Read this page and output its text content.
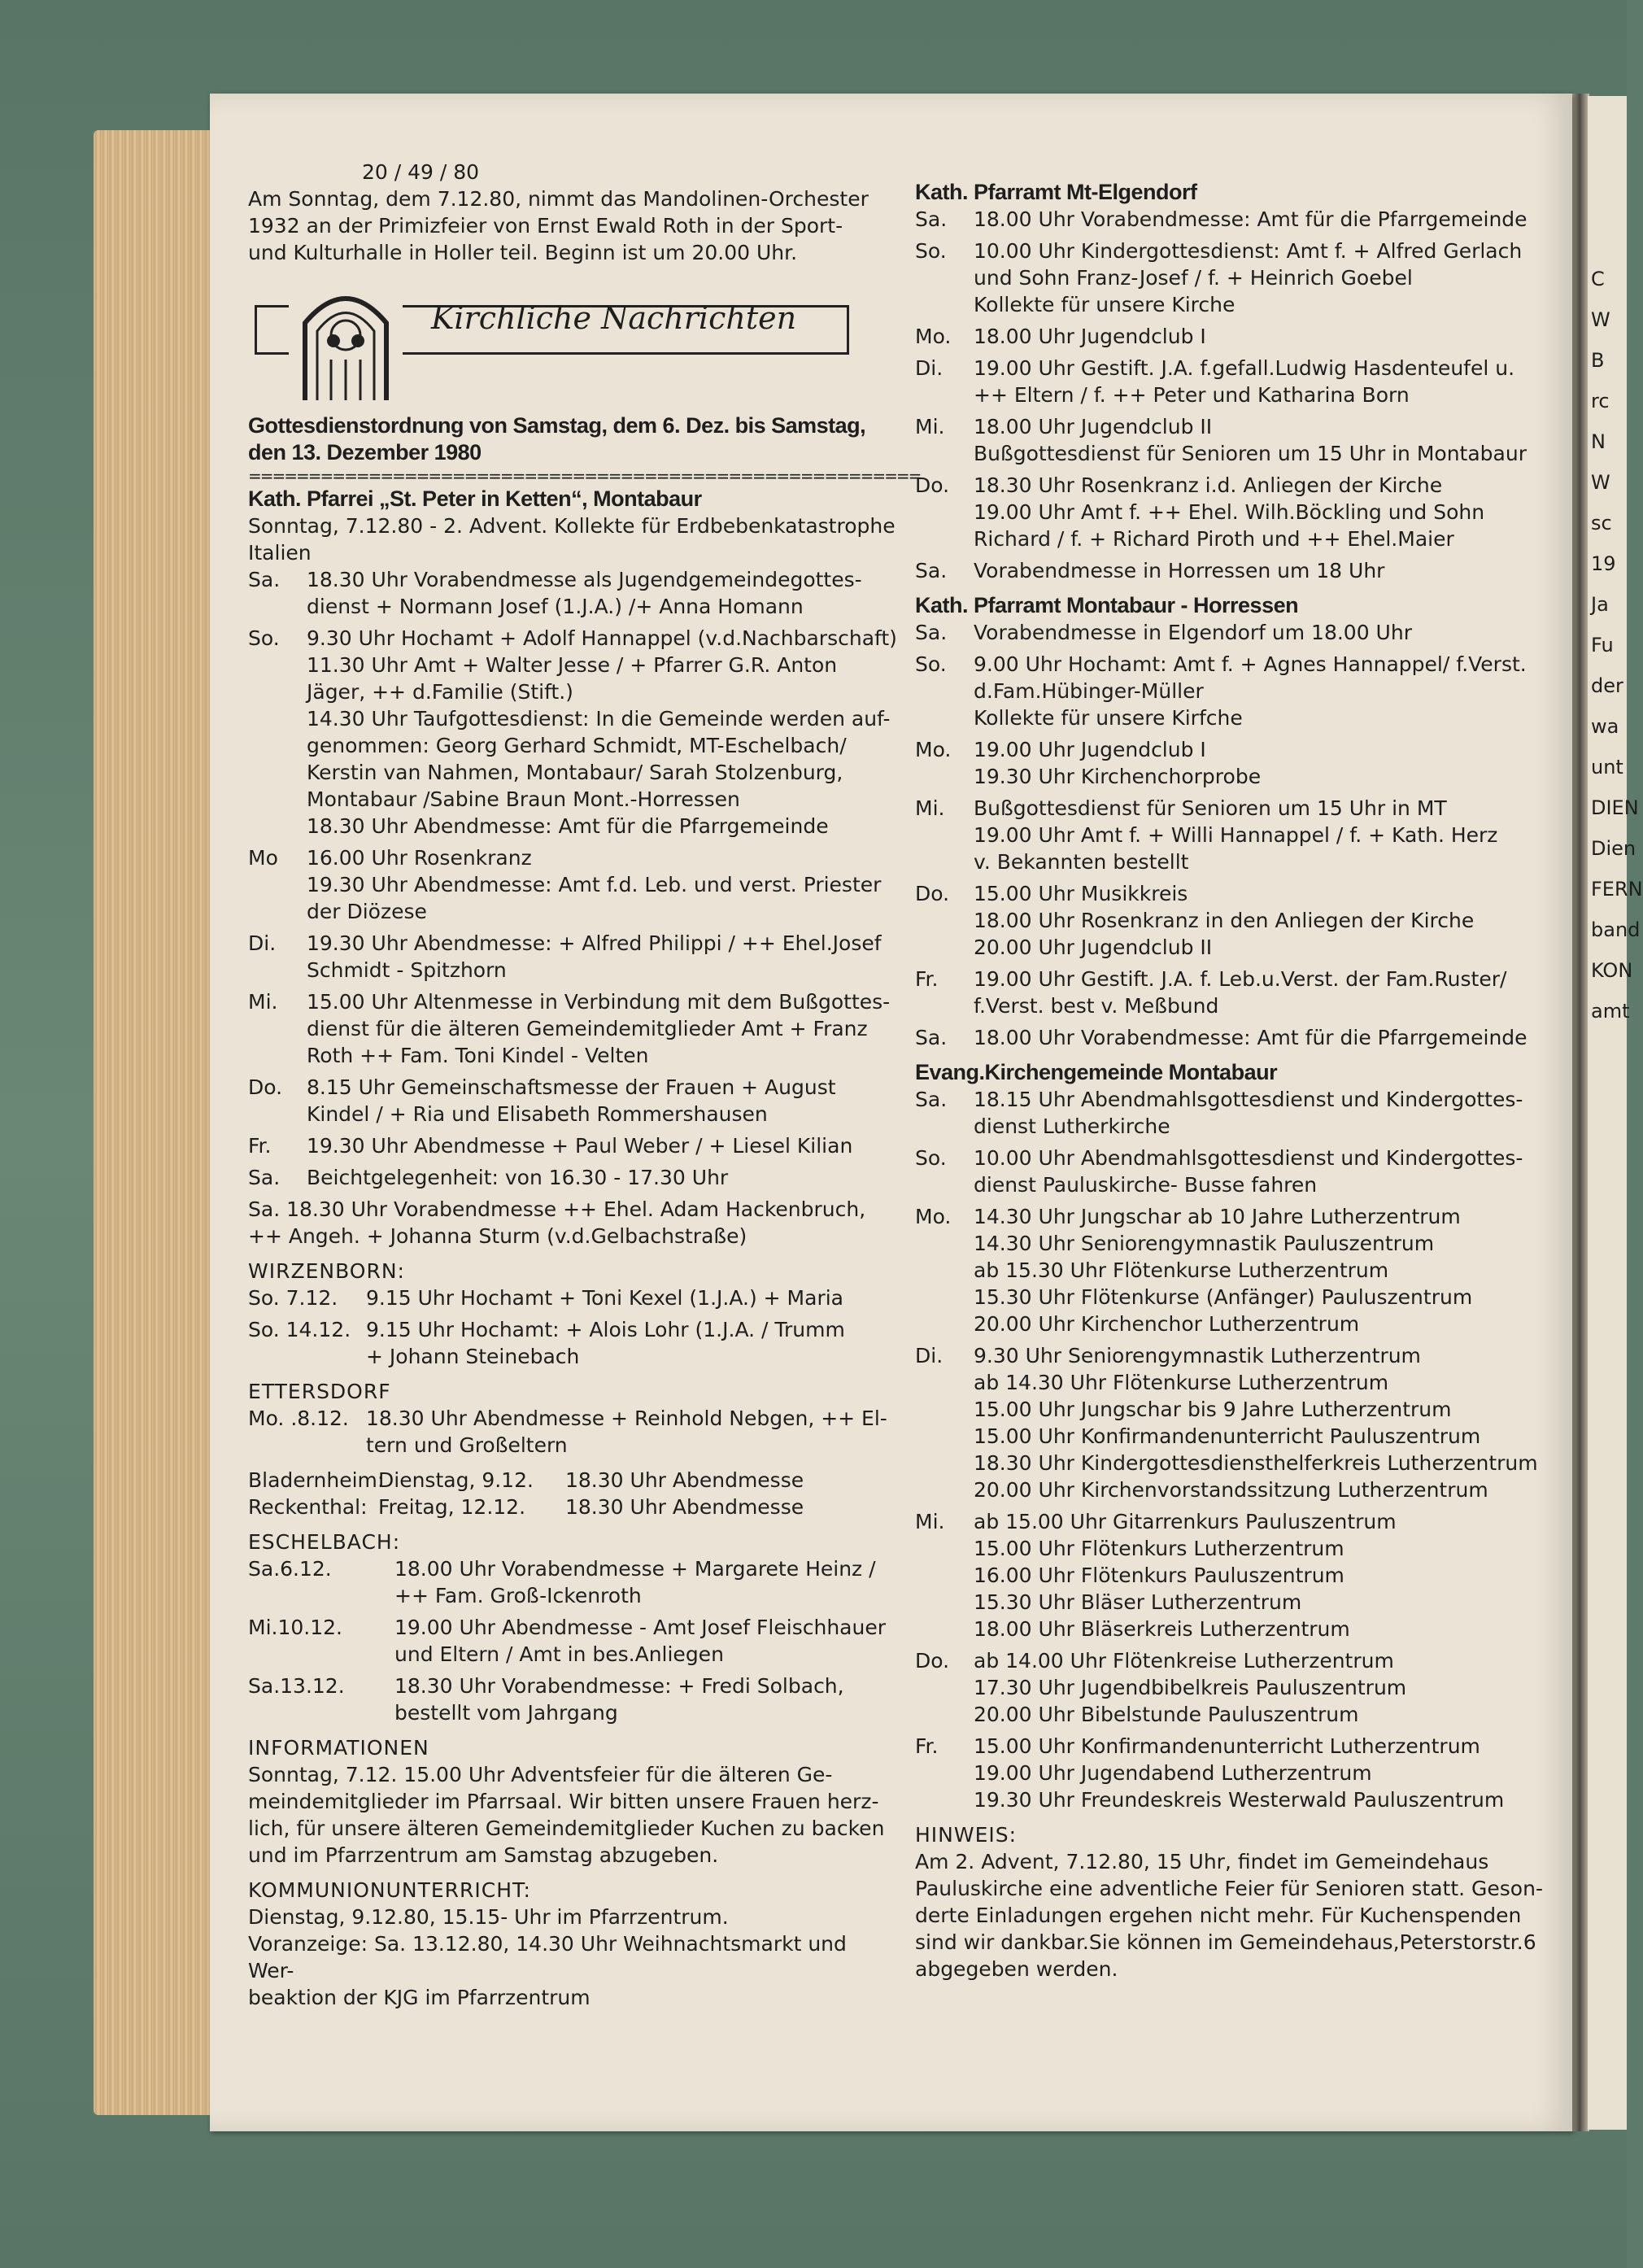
C
W
B
rc
N
W
sc
19
Ja
Fu
der
wa
unt
DIEN
Dien
FERN
band
KON
amt
20 / 49 / 80
Am Sonntag, dem 7.12.80, nimmt das Mandolinen-Orchester
1932 an der Primizfeier von Ernst Ewald Roth in der Sport-
und Kulturhalle in Holler teil. Beginn ist um 20.00 Uhr.
Kirchliche Nachrichten
Gottesdienstordnung von Samstag, dem 6. Dez. bis Samstag,
den 13. Dezember 1980
========================================================
Kath. Pfarrei „St. Peter in Ketten“, Montabaur
Sonntag, 7.12.80 - 2. Advent. Kollekte für Erdbebenkatastrophe
Italien
Sa.	18.30 Uhr Vorabendmesse als Jugendgemeindegottes-
dienst + Normann Josef (1.J.A.) /+ Anna Homann
So.	9.30 Uhr Hochamt + Adolf Hannappel (v.d.Nachbarschaft)
11.30 Uhr Amt + Walter Jesse / + Pfarrer G.R. Anton
Jäger, ++ d.Familie (Stift.)
14.30 Uhr Taufgottesdienst: In die Gemeinde werden auf-
genommen: Georg Gerhard Schmidt, MT-Eschelbach/
Kerstin van Nahmen, Montabaur/ Sarah Stolzenburg,
Montabaur /Sabine Braun Mont.-Horressen
18.30 Uhr Abendmesse: Amt für die Pfarrgemeinde
Mo	16.00 Uhr Rosenkranz
19.30 Uhr Abendmesse: Amt f.d. Leb. und verst. Priester
der Diözese
Di.	19.30 Uhr Abendmesse: + Alfred Philippi / ++ Ehel.Josef
Schmidt - Spitzhorn
Mi.	15.00 Uhr Altenmesse in Verbindung mit dem Bußgottes-
dienst für die älteren Gemeindemitglieder Amt + Franz
Roth ++ Fam. Toni Kindel - Velten
Do.	8.15 Uhr Gemeinschaftsmesse der Frauen + August
Kindel / + Ria und Elisabeth Rommershausen
Fr.	19.30 Uhr Abendmesse + Paul Weber / + Liesel Kilian
Sa.	Beichtgelegenheit: von 16.30 - 17.30 Uhr
Sa. 18.30 Uhr Vorabendmesse ++ Ehel. Adam Hackenbruch,
++ Angeh. + Johanna Sturm (v.d.Gelbachstraße)
WIRZENBORN:
So. 7.12.	9.15 Uhr Hochamt + Toni Kexel (1.J.A.) + Maria
So. 14.12. 9.15 Uhr Hochamt: + Alois Lohr (1.J.A. / Trumm
+ Johann Steinebach
ETTERSDORF
Mo. .8.12. 18.30 Uhr Abendmesse + Reinhold Nebgen, ++ El-
tern und Großeltern
Bladernheim:
Dienstag, 9.12.	18.30 Uhr Abendmesse
Reckenthal: Freitag, 12.12.	18.30 Uhr Abendmesse
ESCHELBACH:
Sa.6.12.	18.00 Uhr Vorabendmesse + Margarete Heinz /
++ Fam. Groß-Ickenroth
Mi.10.12.	19.00 Uhr Abendmesse - Amt Josef Fleischhauer
und Eltern / Amt in bes.Anliegen
Sa.13.12.	18.30 Uhr Vorabendmesse: + Fredi Solbach,
bestellt vom Jahrgang
INFORMATIONEN
Sonntag, 7.12. 15.00 Uhr Adventsfeier für die älteren Ge-
meindemitglieder im Pfarrsaal. Wir bitten unsere Frauen herz-
lich, für unsere älteren Gemeindemitglieder Kuchen zu backen
und im Pfarrzentrum am Samstag abzugeben.
KOMMUNIONUNTERRICHT:
Dienstag, 9.12.80, 15.15- Uhr im Pfarrzentrum.
Voranzeige: Sa. 13.12.80, 14.30 Uhr Weihnachtsmarkt und Wer-
beaktion der KJG im Pfarrzentrum
Kath. Pfarramt Mt-Elgendorf
Sa.	18.00 Uhr Vorabendmesse: Amt für die Pfarrgemeinde
So.	10.00 Uhr Kindergottesdienst: Amt f. + Alfred Gerlach
und Sohn Franz-Josef / f. + Heinrich Goebel
Kollekte für unsere Kirche
Mo.	18.00 Uhr Jugendclub I
Di.	19.00 Uhr Gestift. J.A. f.gefall.Ludwig Hasdenteufel u.
++ Eltern / f. ++ Peter und Katharina Born
Mi.	18.00 Uhr Jugendclub II
Bußgottesdienst für Senioren um 15 Uhr in Montabaur
Do.	18.30 Uhr Rosenkranz i.d. Anliegen der Kirche
19.00 Uhr Amt f. ++ Ehel. Wilh.Böckling und Sohn
Richard / f. + Richard Piroth und ++ Ehel.Maier
Sa.	Vorabendmesse in Horressen um 18 Uhr
Kath. Pfarramt Montabaur - Horressen
Sa.	Vorabendmesse in Elgendorf um 18.00 Uhr
So.	9.00 Uhr Hochamt: Amt f. + Agnes Hannappel/ f.Verst.
d.Fam.Hübinger-Müller
Kollekte für unsere Kirfche
Mo.	19.00 Uhr Jugendclub I
19.30 Uhr Kirchenchorprobe
Mi.	Bußgottesdienst für Senioren um 15 Uhr in MT
19.00 Uhr Amt f. + Willi Hannappel / f. + Kath. Herz
v. Bekannten bestellt
Do.	15.00 Uhr Musikkreis
18.00 Uhr Rosenkranz in den Anliegen der Kirche
20.00 Uhr Jugendclub II
Fr.	19.00 Uhr Gestift. J.A. f. Leb.u.Verst. der Fam.Ruster/
f.Verst. best v. Meßbund
Sa.	18.00 Uhr Vorabendmesse: Amt für die Pfarrgemeinde
Evang.Kirchengemeinde Montabaur
Sa.	18.15 Uhr Abendmahlsgottesdienst und Kindergottes-
dienst Lutherkirche
So.	10.00 Uhr Abendmahlsgottesdienst und Kindergottes-
dienst Pauluskirche- Busse fahren
Mo.	14.30 Uhr Jungschar ab 10 Jahre Lutherzentrum
14.30 Uhr Seniorengymnastik Pauluszentrum
ab 15.30 Uhr Flötenkurse Lutherzentrum
15.30 Uhr Flötenkurse (Anfänger) Pauluszentrum
20.00 Uhr Kirchenchor Lutherzentrum
Di.	9.30 Uhr Seniorengymnastik Lutherzentrum
ab 14.30 Uhr Flötenkurse Lutherzentrum
15.00 Uhr Jungschar bis 9 Jahre Lutherzentrum
15.00 Uhr Konfirmandenunterricht Pauluszentrum
18.30 Uhr Kindergottesdiensthelferkreis Lutherzentrum
20.00 Uhr Kirchenvorstandssitzung Lutherzentrum
Mi.	ab 15.00 Uhr Gitarrenkurs Pauluszentrum
15.00 Uhr Flötenkurs Lutherzentrum
16.00 Uhr Flötenkurs Pauluszentrum
15.30 Uhr Bläser Lutherzentrum
18.00 Uhr Bläserkreis Lutherzentrum
Do.	ab 14.00 Uhr Flötenkreise Lutherzentrum
17.30 Uhr Jugendbibelkreis Pauluszentrum
20.00 Uhr Bibelstunde Pauluszentrum
Fr.	15.00 Uhr Konfirmandenunterricht Lutherzentrum
19.00 Uhr Jugendabend Lutherzentrum
19.30 Uhr Freundeskreis Westerwald Pauluszentrum
HINWEIS:
Am 2. Advent, 7.12.80, 15 Uhr, findet im Gemeindehaus
Pauluskirche eine adventliche Feier für Senioren statt. Geson-
derte Einladungen ergehen nicht mehr. Für Kuchenspenden
sind wir dankbar.Sie können im Gemeindehaus,Peterstorstr.6
abgegeben werden.
